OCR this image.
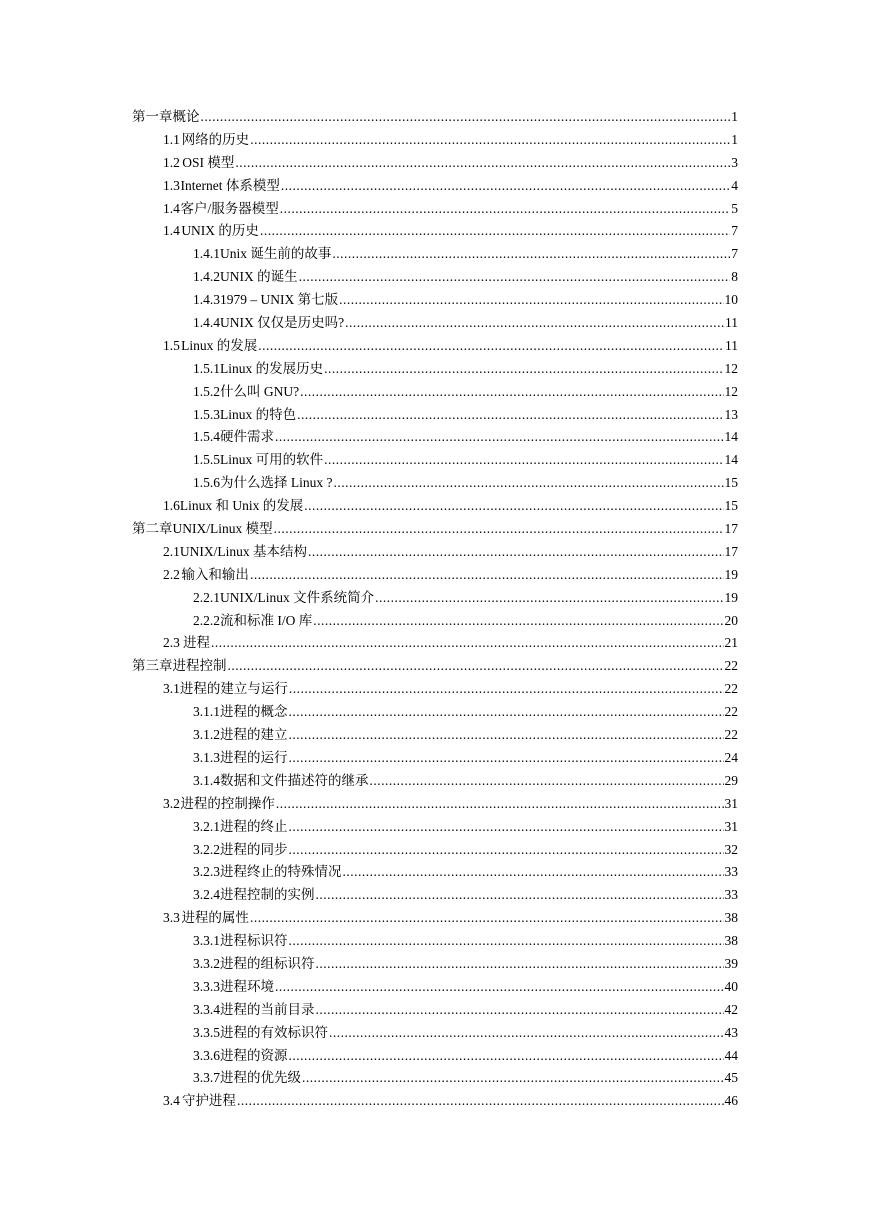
第一章 概论 .....	1
1.1 网络的历史 .....	1
1.2 OSI 模型 .....	3
1.3 Internet 体系模型 .....	4
1.4 客户/服务器模型 .....	5
1.4 UNIX 的历史 .....	7
1.4.1 Unix 诞生前的故事 .....	7
1.4.2 UNIX 的诞生 .....	8
1.4.3 1979 – UNIX 第七版 .....	10
1.4.4 UNIX 仅仅是历史吗? .....	11
1.5 Linux 的发展 .....	11
1.5.1 Linux 的发展历史 .....	12
1.5.2 什么叫 GNU? .....	12
1.5.3 Linux 的特色 .....	13
1.5.4 硬件需求 .....	14
1.5.5 Linux 可用的软件 .....	14
1.5.6 为什么选择 Linux ? .....	15
1.6 Linux 和 Unix 的发展 .....	15
第二章 UNIX/Linux 模型 .....	17
2.1 UNIX/Linux 基本结构 .....	17
2.2 输入和输出 .....	19
2.2.1 UNIX/Linux 文件系统简介 .....	19
2.2.2 流和标准 I/O 库 .....	20
2.3 进程 .....	21
第三章 进程控制 .....	22
3.1 进程的建立与运行 .....	22
3.1.1 进程的概念 .....	22
3.1.2 进程的建立 .....	22
3.1.3 进程的运行 .....	24
3.1.4 数据和文件描述符的继承 .....	29
3.2 进程的控制操作 .....	31
3.2.1 进程的终止 .....	31
3.2.2 进程的同步 .....	32
3.2.3 进程终止的特殊情况 .....	33
3.2.4 进程控制的实例 .....	33
3.3 进程的属性 .....	38
3.3.1 进程标识符 .....	38
3.3.2 进程的组标识符 .....	39
3.3.3 进程环境 .....	40
3.3.4 进程的当前目录 .....	42
3.3.5 进程的有效标识符 .....	43
3.3.6 进程的资源 .....	44
3.3.7 进程的优先级 .....	45
3.4 守护进程 .....	46
